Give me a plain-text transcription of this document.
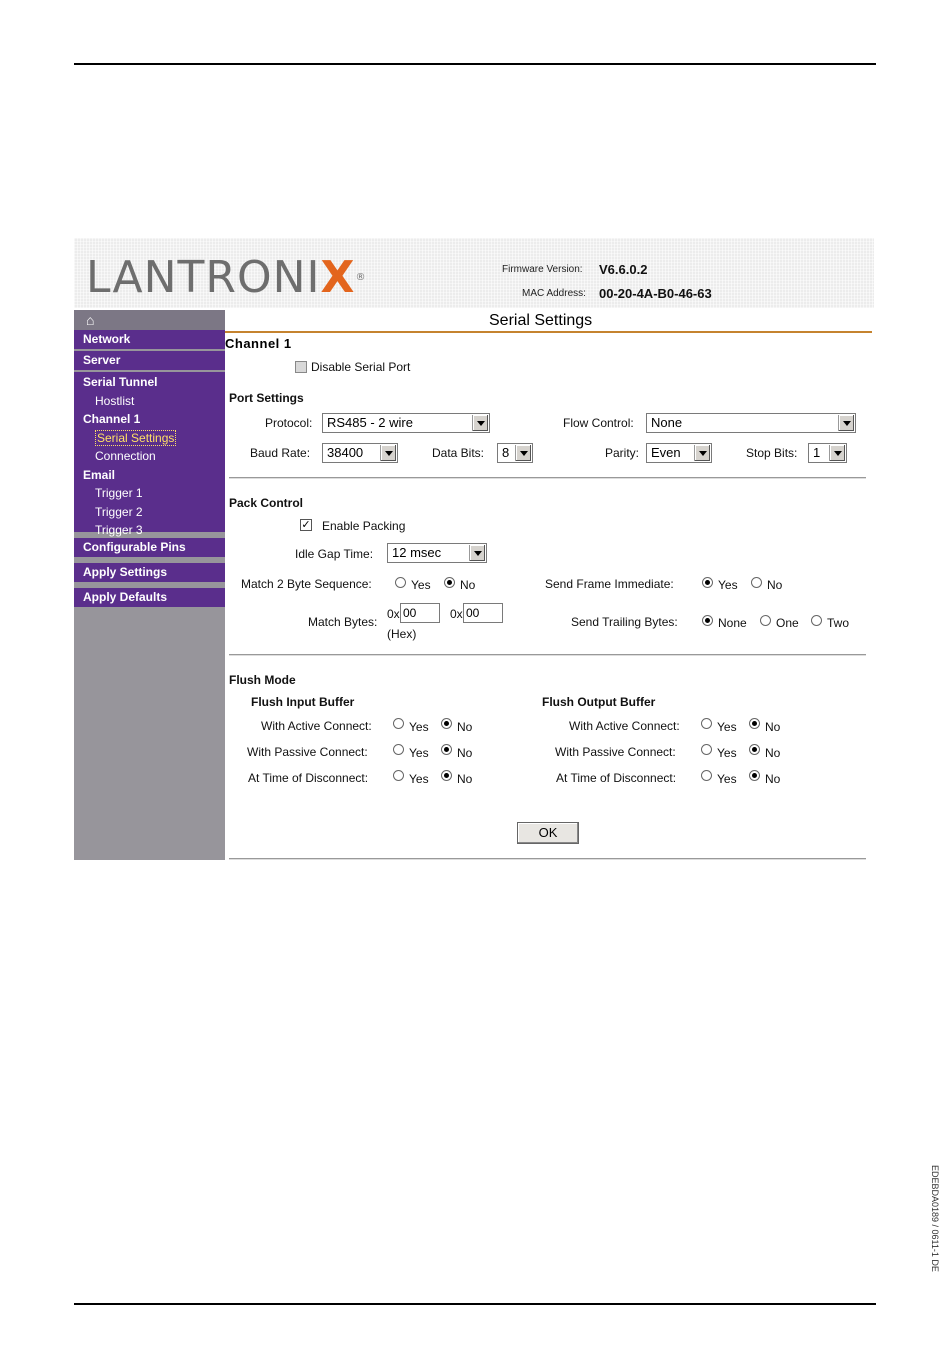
LANTRONIX®
Firmware Version: V6.6.0.2
MAC Address: 00-20-4A-B0-46-63
⌂
Network
Server
Serial Tunnel
Hostlist
Channel 1
Serial Settings
Connection
Email
Trigger 1
Trigger 2
Trigger 3
Configurable Pins
Apply Settings
Apply Defaults
Serial Settings
Channel 1
Disable Serial Port
Port Settings
Protocol:	RS485 - 2 wire	Flow Control:	None
Baud Rate:	38400	Data Bits:	8	Parity: Even	Stop Bits:	1
Pack Control
✓ Enable Packing
Idle Gap Time:	12 msec
Match 2 Byte Sequence:	Yes No	Send Frame Immediate:	Yes No
Match Bytes:
0x 00	0x 00
(Hex)
Send Trailing Bytes:	None One Two
Flush Mode
Flush Input Buffer	Flush Output Buffer
With Active Connect:	Yes No
With Passive Connect:	Yes No
At Time of Disconnect:	Yes No
With Active Connect:	Yes No
With Passive Connect:	Yes No
At Time of Disconnect:	Yes No
OK
EDEBDA0189 / 0611-1 DE
